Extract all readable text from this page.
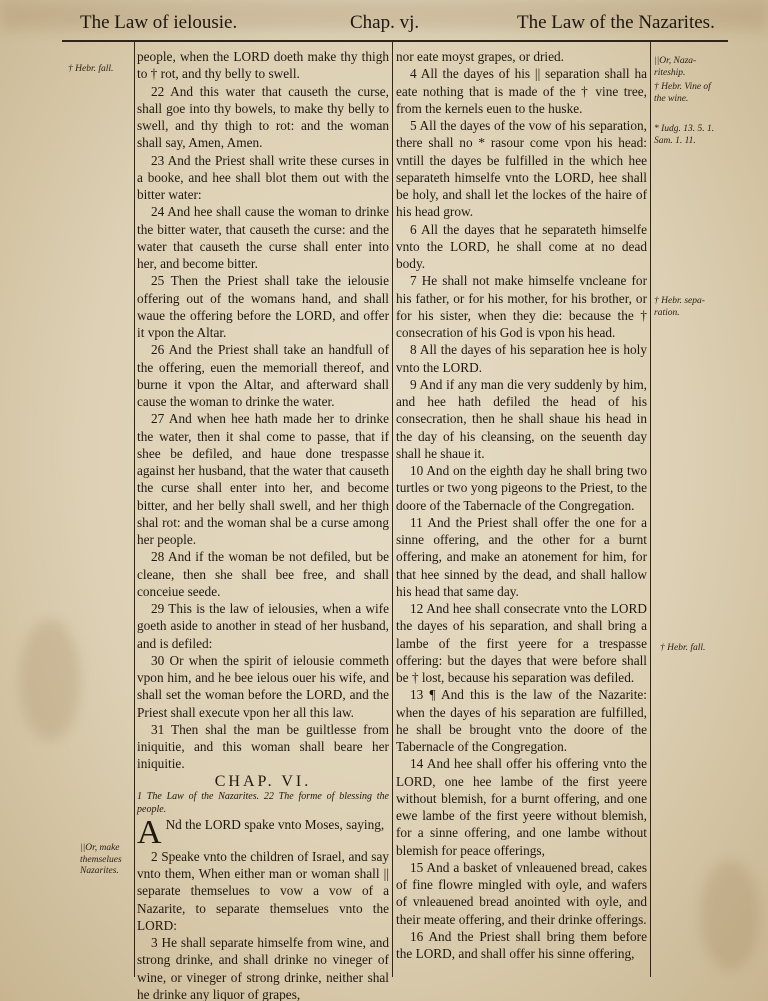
The Law of ielousie.	Chap. vj.	The Law of the Nazarites.
† Hebr. fall.
||Or, make themselues Nazarites.
||Or, Naza-riteship.
† Hebr. Vine of the wine.
* Iudg. 13. 5. 1. Sam. 1. 11.
† Hebr. sepa-ration.
† Hebr. fall.

people, when the LORD doeth make thy thigh to † rot, and thy belly to swell.

22 And this water that causeth the curse, shall goe into thy bowels, to make thy belly to swell, and thy thigh to rot: and the woman shall say, Amen, Amen.

23 And the Priest shall write these curses in a booke, and hee shall blot them out with the bitter water:

24 And hee shall cause the woman to drinke the bitter water, that causeth the curse: and the water that causeth the curse shall enter into her, and become bitter.

25 Then the Priest shall take the ielousie offering out of the womans hand, and shall waue the offering before the LORD, and offer it vpon the Altar.

26 And the Priest shall take an handfull of the offering, euen the memoriall thereof, and burne it vpon the Altar, and afterward shall cause the woman to drinke the water.

27 And when hee hath made her to drinke the water, then it shal come to passe, that if shee be defiled, and haue done trespasse against her husband, that the water that causeth the curse shall enter into her, and become bitter, and her belly shall swell, and her thigh shal rot: and the woman shal be a curse among her people.

28 And if the woman be not defiled, but be cleane, then she shall bee free, and shall conceiue seede.

29 This is the law of ielousies, when a wife goeth aside to another in stead of her husband, and is defiled:

30 Or when the spirit of ielousie commeth vpon him, and he bee ielous ouer his wife, and shall set the woman before the LORD, and the Priest shall execute vpon her all this law.

31 Then shal the man be guiltlesse from iniquitie, and this woman shall beare her iniquitie.

CHAP. VI.

1 The Law of the Nazarites. 22 The forme of blessing the people.

A Nd the LORD spake vnto Moses, saying,

2 Speake vnto the children of Israel, and say vnto them, When either man or woman shall || separate themselues to vow a vow of a Nazarite, to separate themselues vnto the LORD:

3 He shall separate himselfe from wine, and strong drinke, and shall drinke no vineger of wine, or vineger of strong drinke, neither shal he drinke any liquor of grapes,

nor eate moyst grapes, or dried.

4 All the dayes of his || separation shall ha eate nothing that is made of the † vine tree, from the kernels euen to the huske.

5 All the dayes of the vow of his separation, there shall no * rasour come vpon his head: vntill the dayes be fulfilled in the which hee separateth himselfe vnto the LORD, hee shall be holy, and shall let the lockes of the haire of his head grow.

6 All the dayes that he separateth himselfe vnto the LORD, he shall come at no dead body.

7 He shall not make himselfe vncleane for his father, or for his mother, for his brother, or for his sister, when they die: because the † consecration of his God is vpon his head.

8 All the dayes of his separation hee is holy vnto the LORD.

9 And if any man die very suddenly by him, and hee hath defiled the head of his consecration, then he shall shaue his head in the day of his cleansing, on the seuenth day shall he shaue it.

10 And on the eighth day he shall bring two turtles or two yong pigeons to the Priest, to the doore of the Tabernacle of the Congregation.

11 And the Priest shall offer the one for a sinne offering, and the other for a burnt offering, and make an atonement for him, for that hee sinned by the dead, and shall hallow his head that same day.

12 And hee shall consecrate vnto the LORD the dayes of his separation, and shall bring a lambe of the first yeere for a trespasse offering: but the dayes that were before shall be † lost, because his separation was defiled.

13 ¶ And this is the law of the Nazarite: when the dayes of his separation are fulfilled, he shall be brought vnto the doore of the Tabernacle of the Congregation.

14 And hee shall offer his offering vnto the LORD, one hee lambe of the first yeere without blemish, for a burnt offering, and one ewe lambe of the first yeere without blemish, for a sinne offering, and one lambe without blemish for peace offerings,

15 And a basket of vnleauened bread, cakes of fine flowre mingled with oyle, and wafers of vnleauened bread anointed with oyle, and their meate offering, and their drinke offerings.

16 And the Priest shall bring them before the LORD, and shall offer his sinne offering,
